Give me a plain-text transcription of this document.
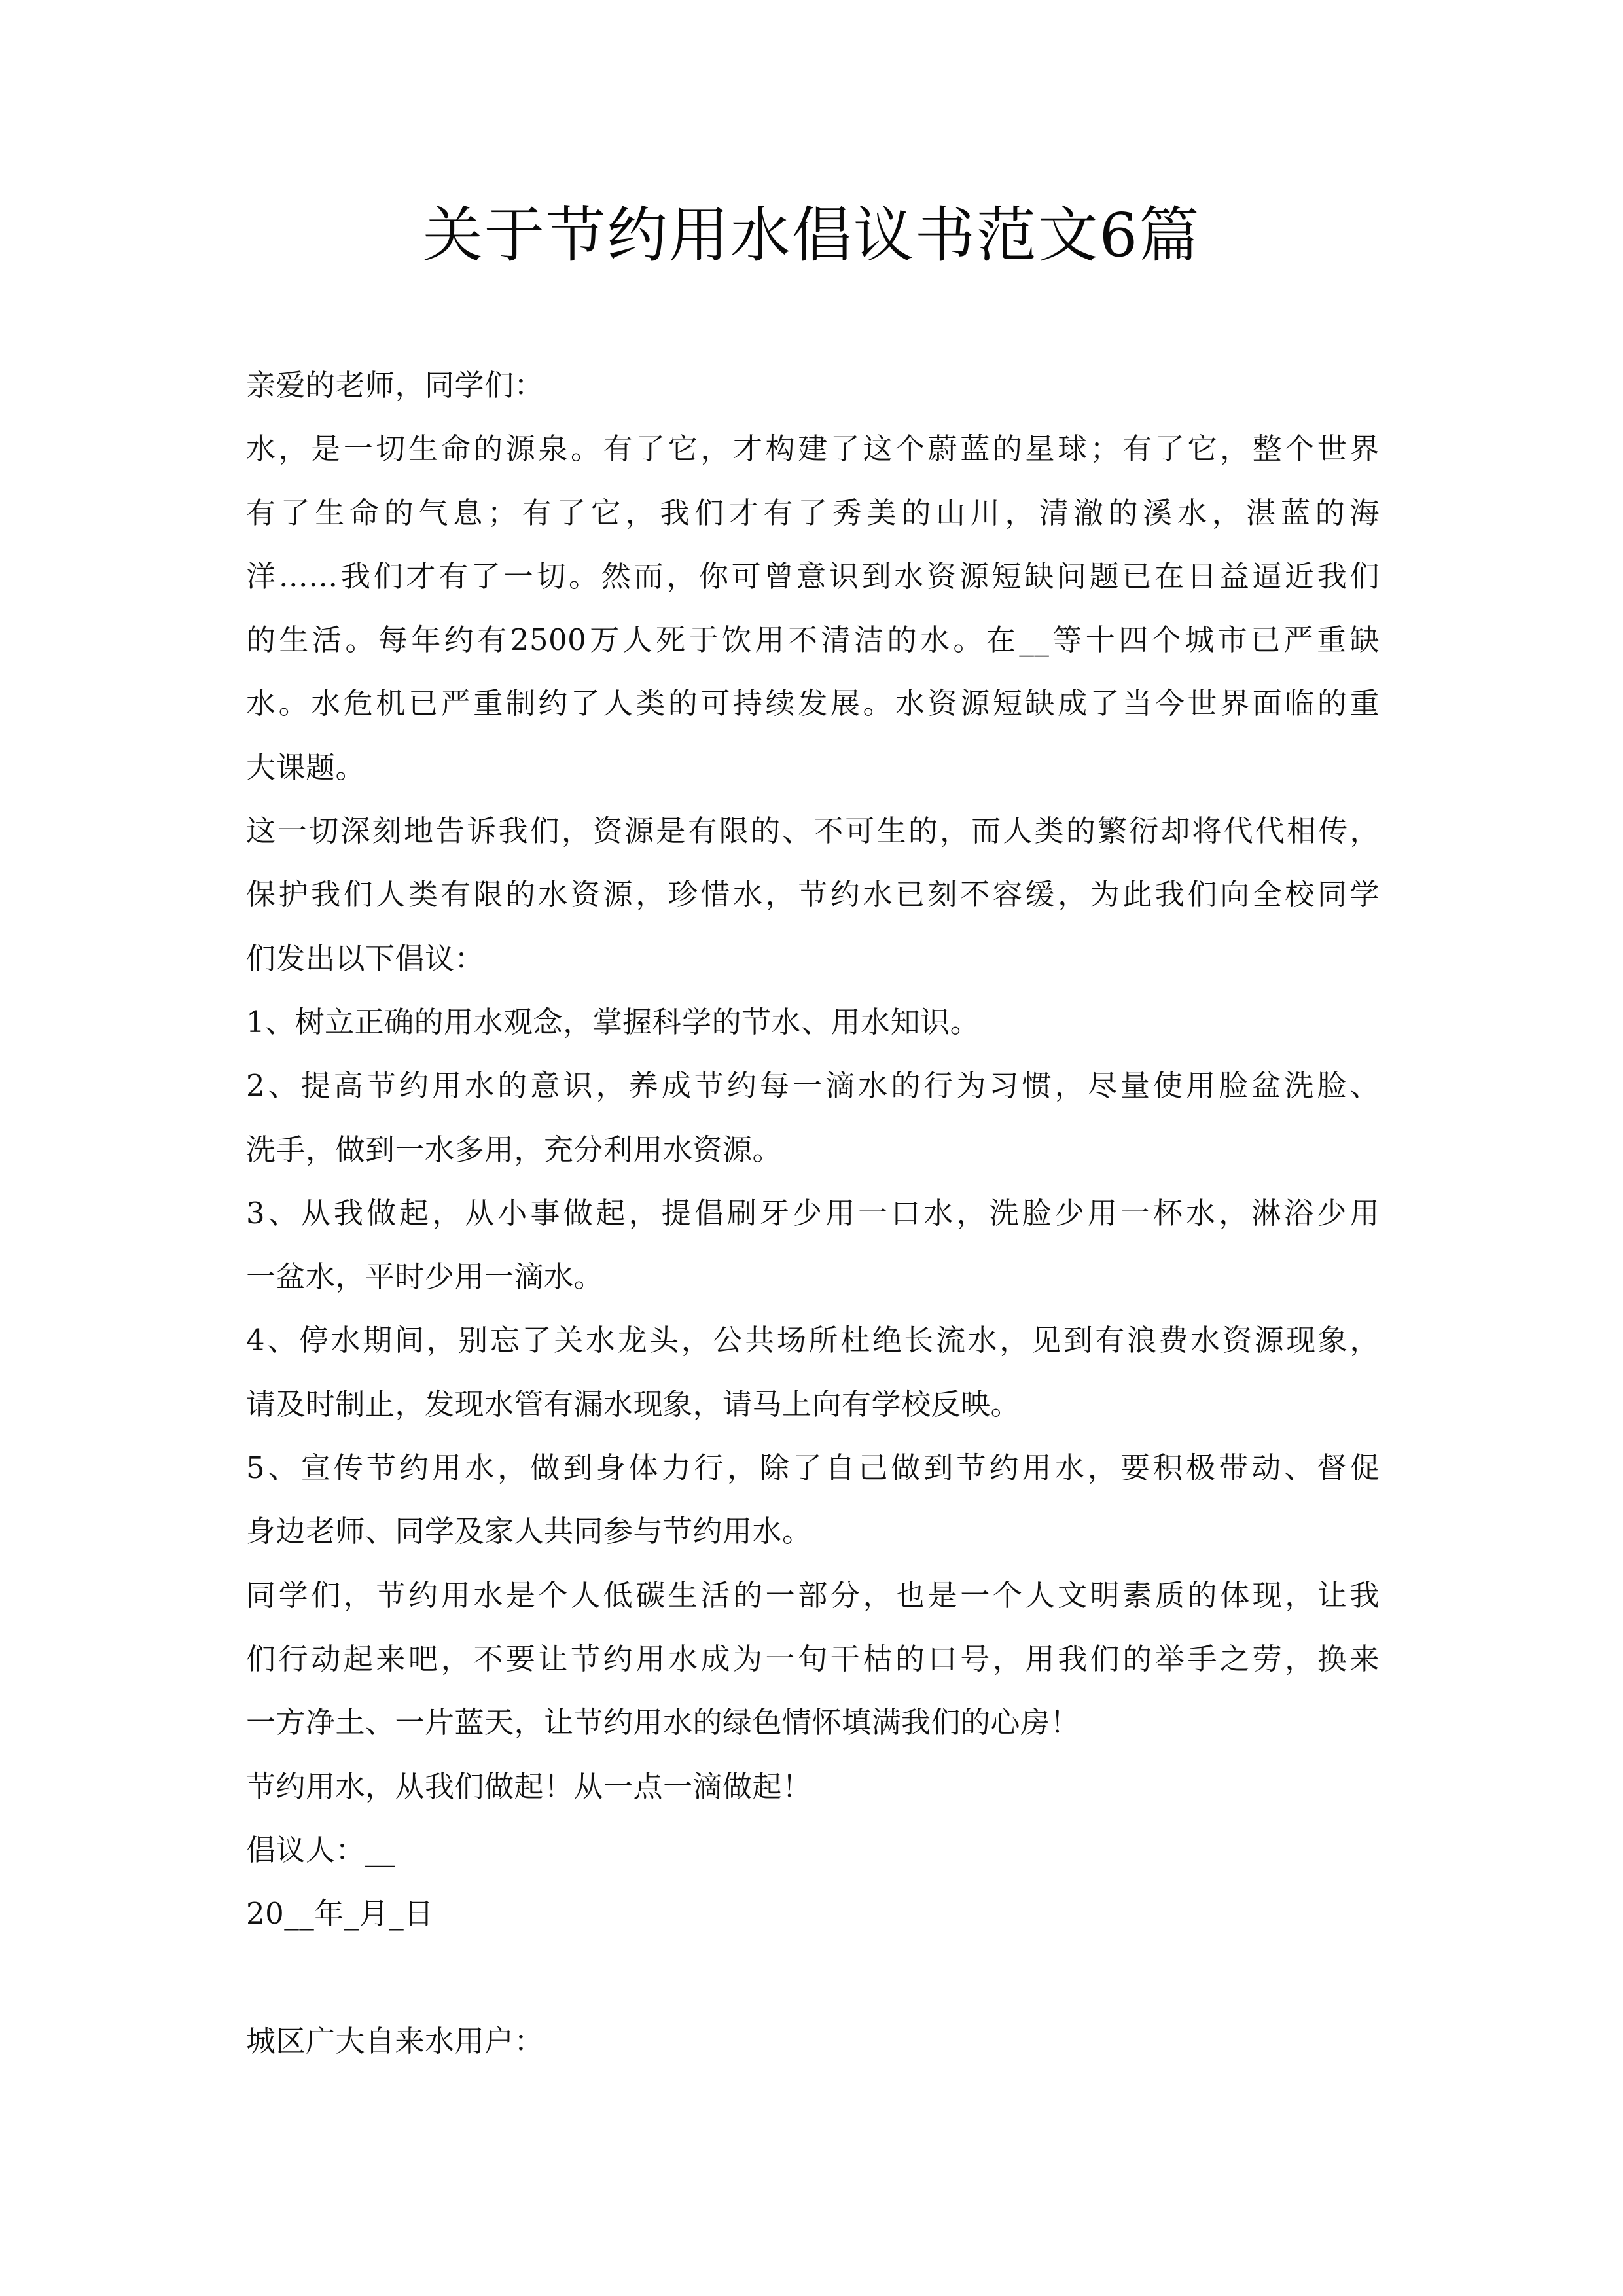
关于节约用水倡议书范文6篇
亲爱的老师，同学们：
水，是一切生命的源泉。有了它，才构建了这个蔚蓝的星球；有了它，整个世界
有了生命的气息；有了它，我们才有了秀美的山川，清澈的溪水，湛蓝的海
洋……我们才有了一切。然而，你可曾意识到水资源短缺问题已在日益逼近我们
的生活。每年约有2500万人死于饮用不清洁的水。在__等十四个城市已严重缺
水。水危机已严重制约了人类的可持续发展。水资源短缺成了当今世界面临的重
大课题。
这一切深刻地告诉我们，资源是有限的、不可生的，而人类的繁衍却将代代相传，
保护我们人类有限的水资源，珍惜水，节约水已刻不容缓，为此我们向全校同学
们发出以下倡议：
1、树立正确的用水观念，掌握科学的节水、用水知识。
2、提高节约用水的意识，养成节约每一滴水的行为习惯，尽量使用脸盆洗脸、
洗手，做到一水多用，充分利用水资源。
3、从我做起，从小事做起，提倡刷牙少用一口水，洗脸少用一杯水，淋浴少用
一盆水，平时少用一滴水。
4、停水期间，别忘了关水龙头，公共场所杜绝长流水，见到有浪费水资源现象，
请及时制止，发现水管有漏水现象，请马上向有学校反映。
5、宣传节约用水，做到身体力行，除了自己做到节约用水，要积极带动、督促
身边老师、同学及家人共同参与节约用水。
同学们，节约用水是个人低碳生活的一部分，也是一个人文明素质的体现，让我
们行动起来吧，不要让节约用水成为一句干枯的口号，用我们的举手之劳，换来
一方净土、一片蓝天，让节约用水的绿色情怀填满我们的心房！
节约用水，从我们做起！从一点一滴做起！
倡议人：__
20__年_月_日
城区广大自来水用户：
